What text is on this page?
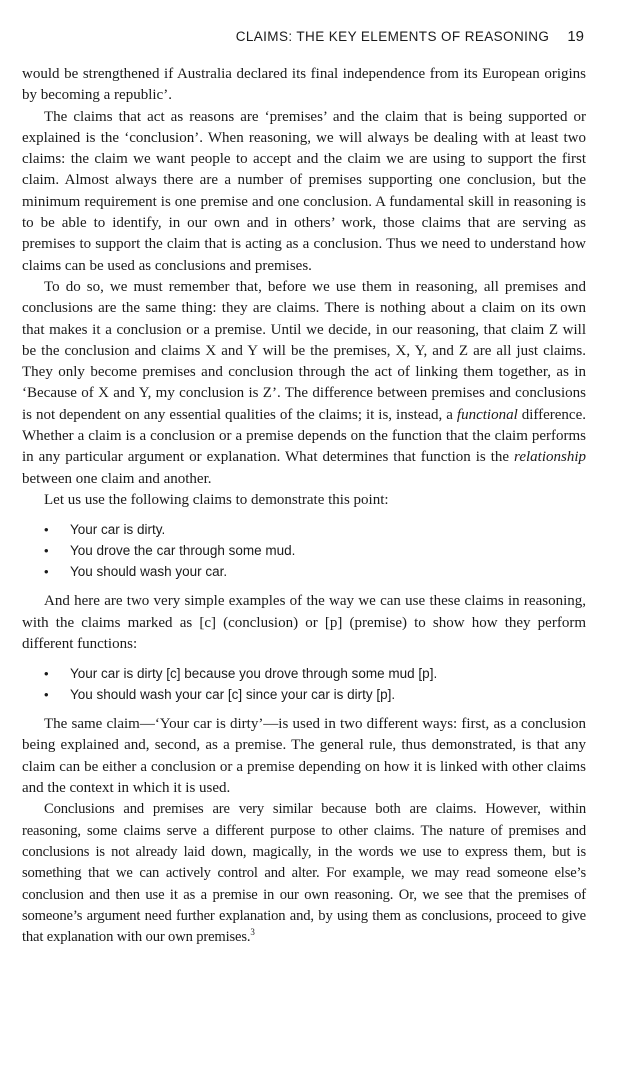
CLAIMS: THE KEY ELEMENTS OF REASONING 19

would be strengthened if Australia declared its final independence from its European origins by becoming a republic’.

The claims that act as reasons are ‘premises’ and the claim that is being supported or explained is the ‘conclusion’. When reasoning, we will always be dealing with at least two claims: the claim we want people to accept and the claim we are using to support the first claim. Almost always there are a number of premises supporting one conclusion, but the minimum requirement is one premise and one conclusion. A fundamental skill in reasoning is to be able to identify, in our own and in others’ work, those claims that are serving as premises to support the claim that is acting as a conclusion. Thus we need to understand how claims can be used as conclusions and premises.

To do so, we must remember that, before we use them in reasoning, all premises and conclusions are the same thing: they are claims. There is nothing about a claim on its own that makes it a conclusion or a premise. Until we decide, in our reasoning, that claim Z will be the conclusion and claims X and Y will be the premises, X, Y, and Z are all just claims. They only become premises and conclusion through the act of linking them together, as in ‘Because of X and Y, my conclusion is Z’. The difference between premises and conclusions is not dependent on any essential qualities of the claims; it is, instead, a functional difference. Whether a claim is a conclusion or a premise depends on the function that the claim performs in any particular argument or explanation. What determines that function is the relationship between one claim and another.

Let us use the following claims to demonstrate this point:

• Your car is dirty.
• You drove the car through some mud.
• You should wash your car.

And here are two very simple examples of the way we can use these claims in reasoning, with the claims marked as [c] (conclusion) or [p] (premise) to show how they perform different functions:

• Your car is dirty [c] because you drove through some mud [p].
• You should wash your car [c] since your car is dirty [p].

The same claim—‘Your car is dirty’—is used in two different ways: first, as a conclusion being explained and, second, as a premise. The general rule, thus demonstrated, is that any claim can be either a conclusion or a premise depending on how it is linked with other claims and the context in which it is used.

Conclusions and premises are very similar because both are claims. However, within reasoning, some claims serve a different purpose to other claims. The nature of premises and conclusions is not already laid down, magically, in the words we use to express them, but is something that we can actively control and alter. For example, we may read someone else’s conclusion and then use it as a premise in our own reasoning. Or, we see that the premises of someone’s argument need further explanation and, by using them as conclusions, proceed to give that explanation with our own premises.$^3$
